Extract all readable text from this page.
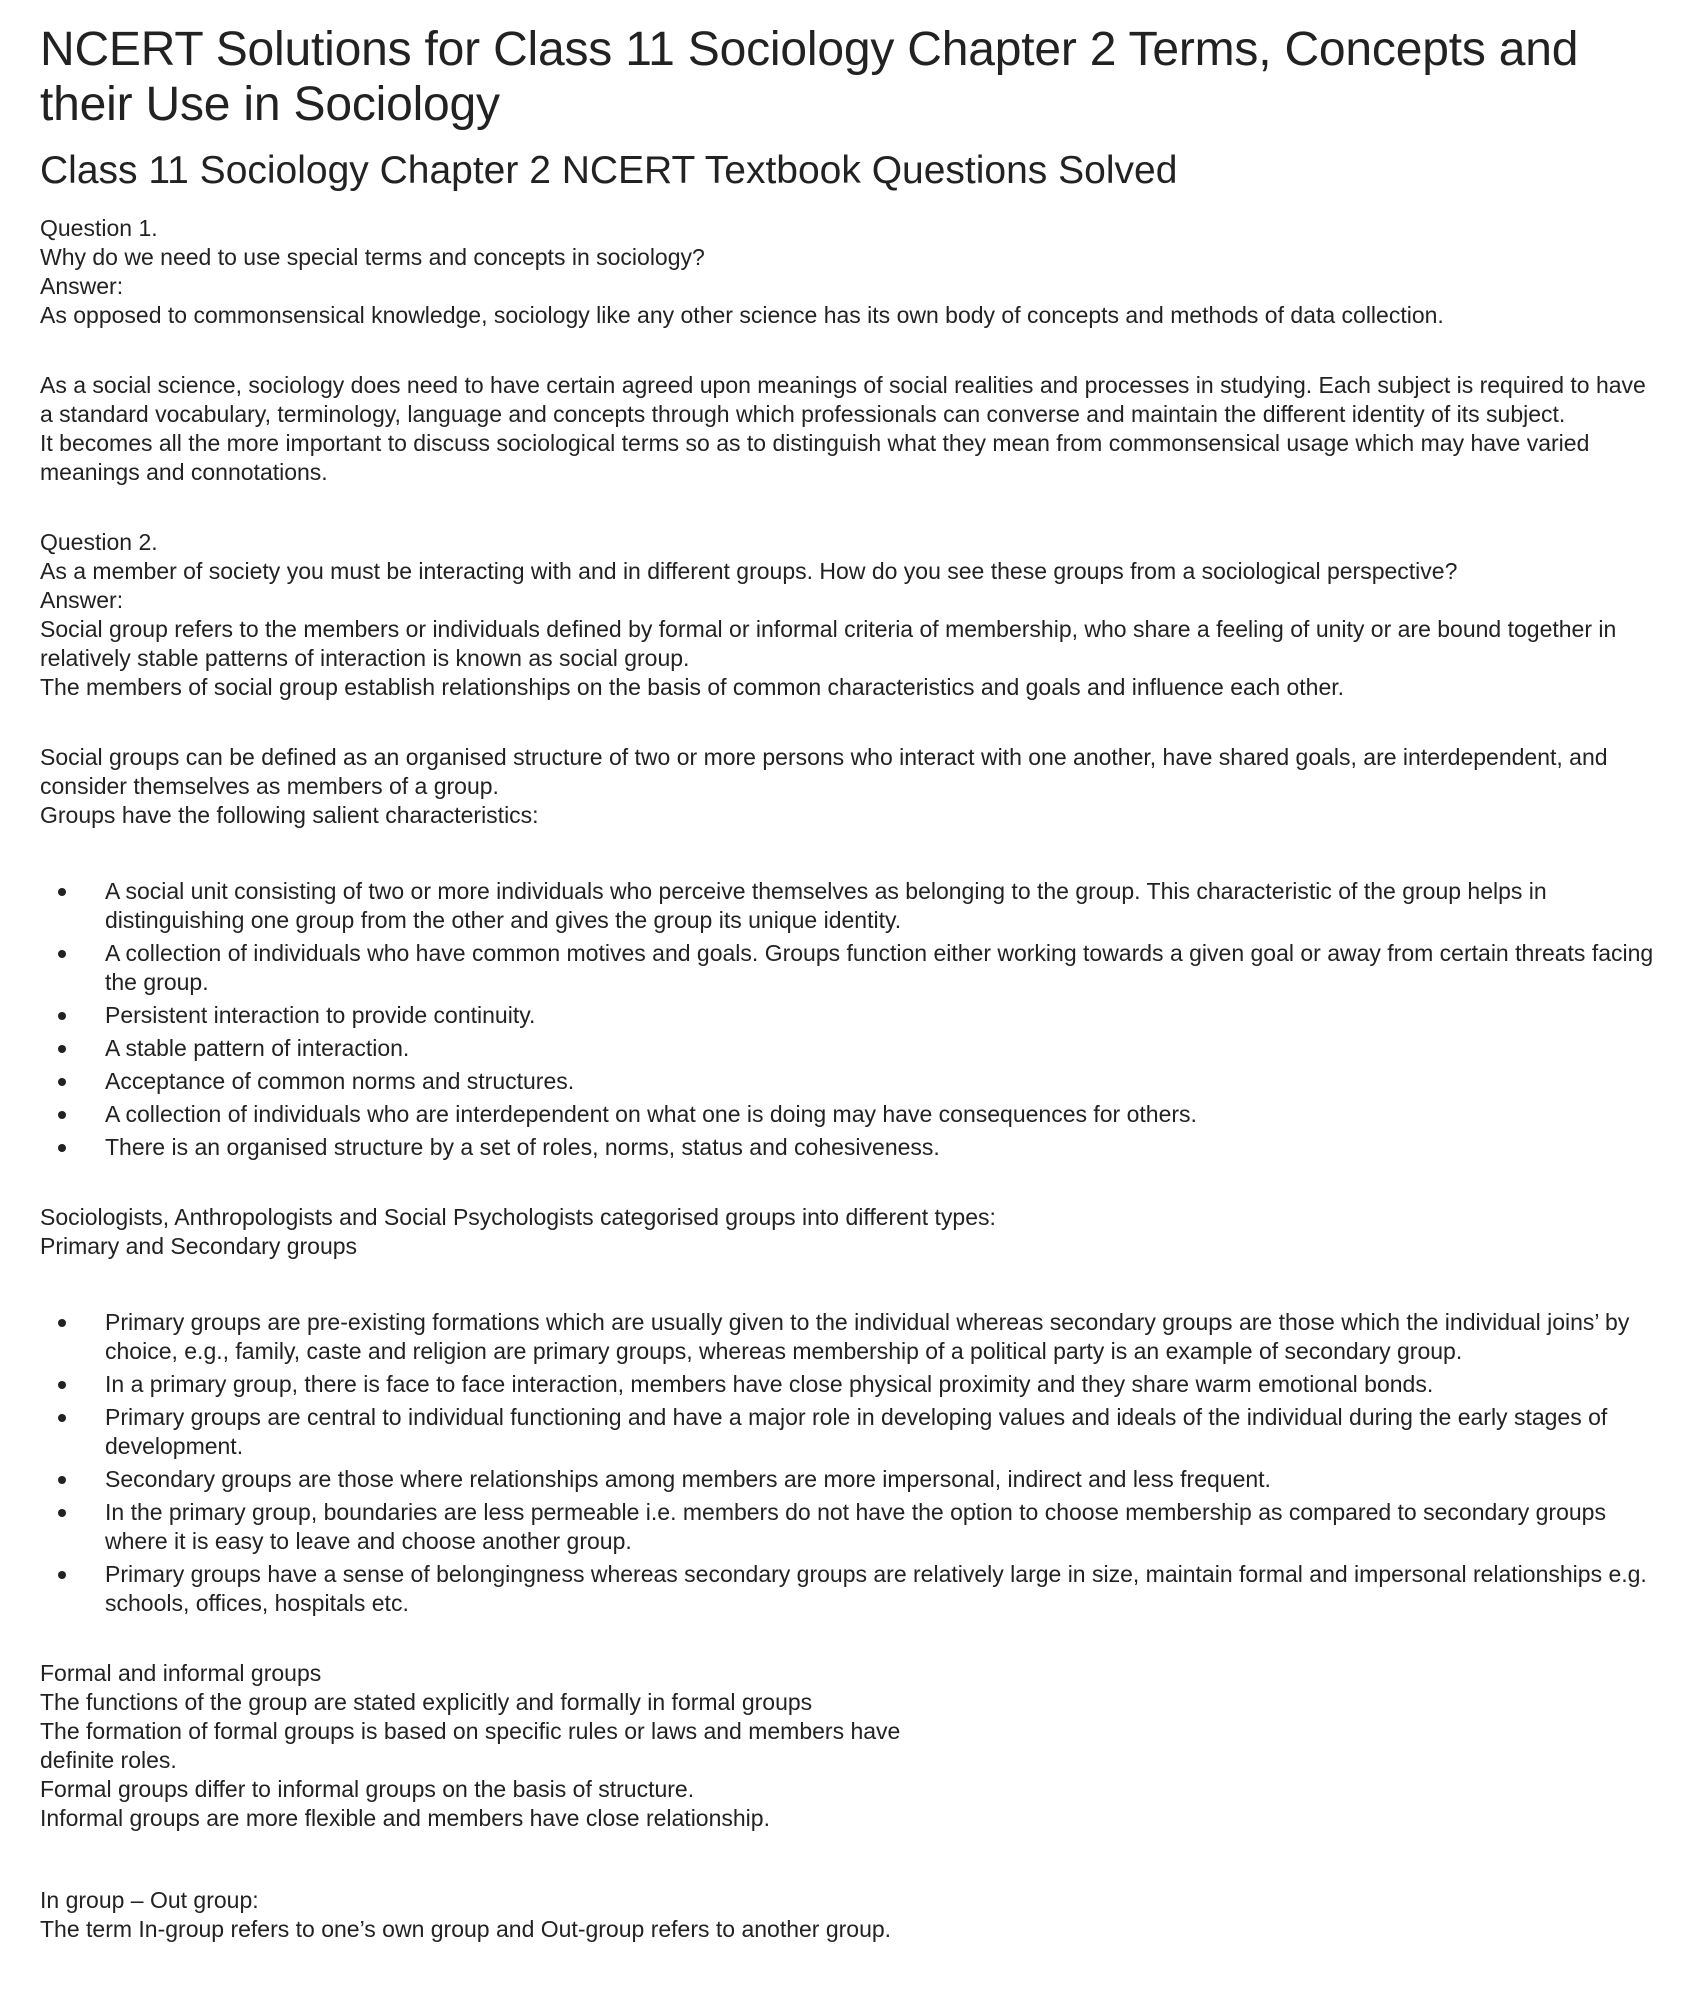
NCERT Solutions for Class 11 Sociology Chapter 2 Terms, Concepts and their Use in Sociology
Class 11 Sociology Chapter 2 NCERT Textbook Questions Solved

Question 1.
Why do we need to use special terms and concepts in sociology?
Answer:
As opposed to commonsensical knowledge, sociology like any other science has its own body of concepts and methods of data collection.

As a social science, sociology does need to have certain agreed upon meanings of social realities and processes in studying. Each subject is required to have a standard vocabulary, terminology, language and concepts through which professionals can converse and maintain the different identity of its subject.
It becomes all the more important to discuss sociological terms so as to distinguish what they mean from commonsensical usage which may have varied meanings and connotations.

Question 2.
As a member of society you must be interacting with and in different groups. How do you see these groups from a sociological perspective?
Answer:
Social group refers to the members or individuals defined by formal or informal criteria of membership, who share a feeling of unity or are bound together in relatively stable patterns of interaction is known as social group.
The members of social group establish relationships on the basis of common characteristics and goals and influence each other.

Social groups can be defined as an organised structure of two or more persons who interact with one another, have shared goals, are interdependent, and consider themselves as members of a group.
Groups have the following salient characteristics:

A social unit consisting of two or more individuals who perceive themselves as belonging to the group. This characteristic of the group helps in distinguishing one group from the other and gives the group its unique identity.
A collection of individuals who have common motives and goals. Groups function either working towards a given goal or away from certain threats facing the group.
Persistent interaction to provide continuity.
A stable pattern of interaction.
Acceptance of common norms and structures.
A collection of individuals who are interdependent on what one is doing may have consequences for others.
There is an organised structure by a set of roles, norms, status and cohesiveness.

Sociologists, Anthropologists and Social Psychologists categorised groups into different types:
Primary and Secondary groups

Primary groups are pre-existing formations which are usually given to the individual whereas secondary groups are those which the individual joins’ by choice, e.g., family, caste and religion are primary groups, whereas membership of a political party is an example of secondary group.
In a primary group, there is face to face interaction, members have close physical proximity and they share warm emotional bonds.
Primary groups are central to individual functioning and have a major role in developing values and ideals of the individual during the early stages of development.
Secondary groups are those where relationships among members are more impersonal, indirect and less frequent.
In the primary group, boundaries are less permeable i.e. members do not have the option to choose membership as compared to secondary groups where it is easy to leave and choose another group.
Primary groups have a sense of belongingness whereas secondary groups are relatively large in size, maintain formal and impersonal relationships e.g. schools, offices, hospitals etc.

Formal and informal groups
The functions of the group are stated explicitly and formally in formal groups
The formation of formal groups is based on specific rules or laws and members have
definite roles.
Formal groups differ to informal groups on the basis of structure.
Informal groups are more flexible and members have close relationship.

In group – Out group:
The term In-group refers to one’s own group and Out-group refers to another group.
